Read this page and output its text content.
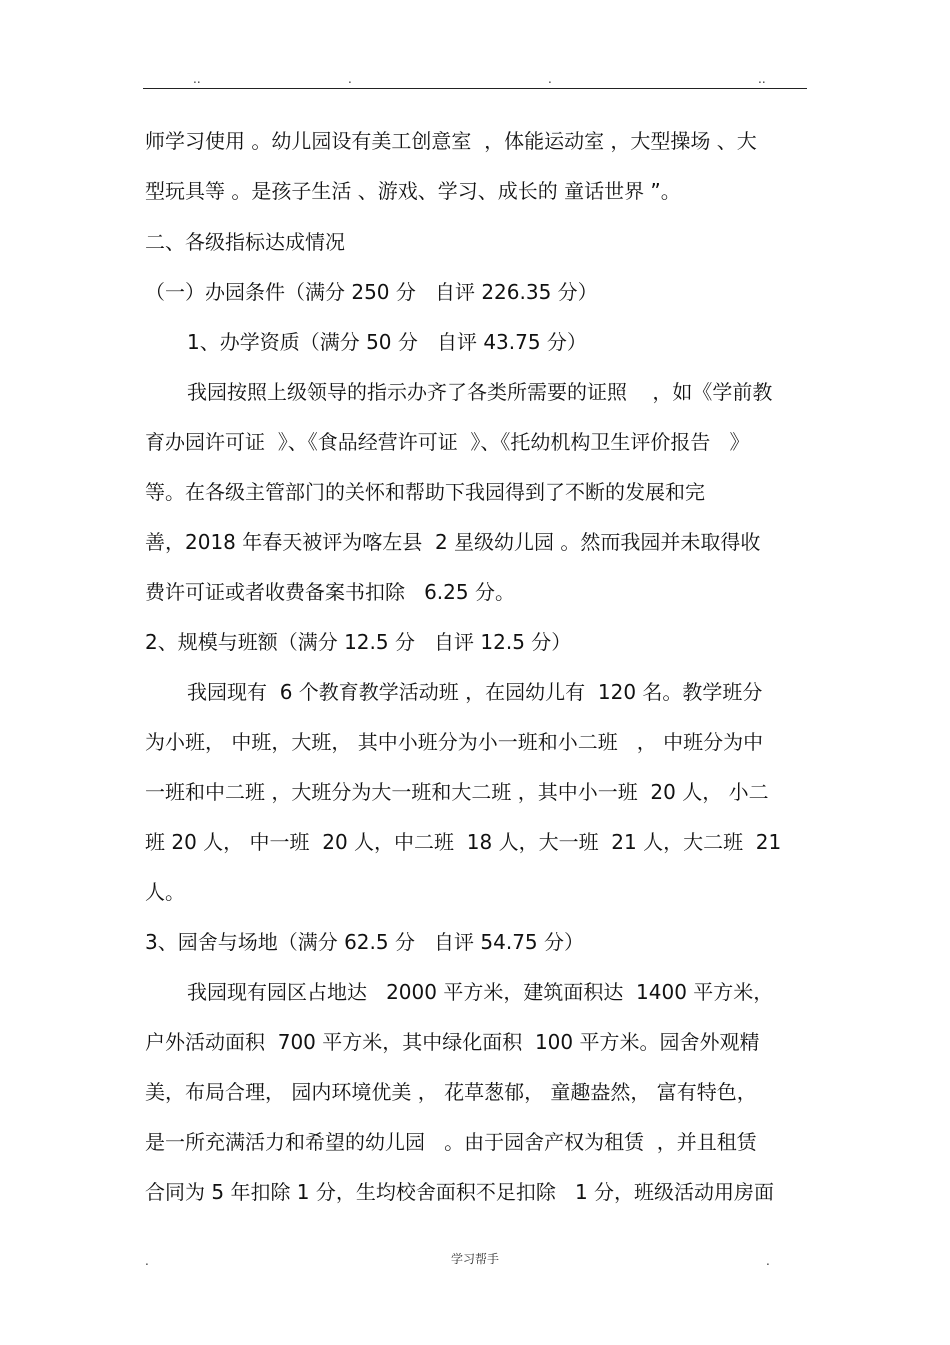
..	.	.	..
师学习使用 。幼儿园设有美工创意室  ，体能运动室 ，大型操场 、大
型玩具等 。是孩子生活 、游戏、学习、成长的 童话世界 ”。
二、各级指标达成情况
（一）办园条件（满分 250 分   自评 226.35 分）
1、办学资质（满分 50 分   自评 43.75 分）
我园按照上级领导的指示办齐了各类所需要的证照    ，如《学前教
育办园许可证  》、《食品经营许可证  》、《托幼机构卫生评价报告   》
等。在各级主管部门的关怀和帮助下我园得到了不断的发展和完
善，2018 年春天被评为喀左县  2 星级幼儿园 。然而我园并未取得收
费许可证或者收费备案书扣除   6.25 分。
2、规模与班额（满分 12.5 分   自评 12.5 分）
我园现有  6 个教育教学活动班 ，在园幼儿有  120 名。教学班分
为小班， 中班，大班， 其中小班分为小一班和小二班   ， 中班分为中
一班和中二班 ，大班分为大一班和大二班 ，其中小一班  20 人， 小二
班 20 人， 中一班  20 人，中二班  18 人，大一班  21 人，大二班  21
人。
3、园舍与场地（满分 62.5 分   自评 54.75 分）
我园现有园区占地达   2000 平方米，建筑面积达  1400 平方米，
户外活动面积  700 平方米，其中绿化面积  100 平方米。园舍外观精
美，布局合理， 园内环境优美 ， 花草葱郁， 童趣盎然， 富有特色，
是一所充满活力和希望的幼儿园   。由于园舍产权为租赁  ，并且租赁
合同为 5 年扣除 1 分，生均校舍面积不足扣除   1 分，班级活动用房面
.	学习帮手	.
